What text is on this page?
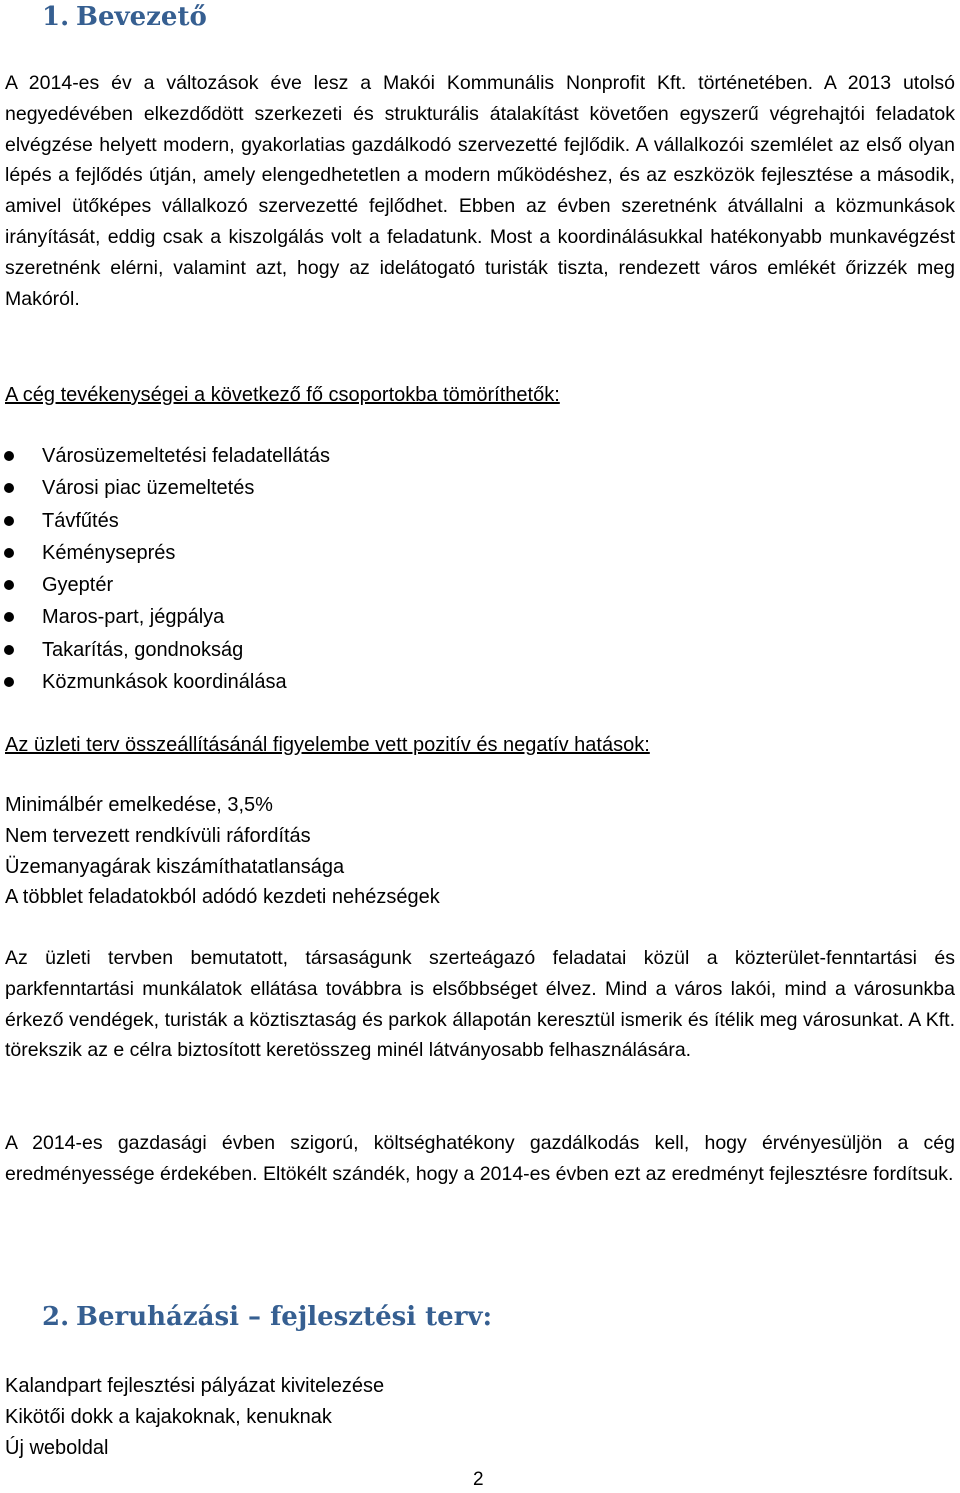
1. Bevezető

A 2014-es év a változások éve lesz a Makói Kommunális Nonprofit Kft. történetében. A 2013 utolsó negyedévében elkezdődött szerkezeti és strukturális átalakítást követően egyszerű végrehajtói feladatok elvégzése helyett modern, gyakorlatias gazdálkodó szervezetté fejlődik. A vállalkozói szemlélet az első olyan lépés a fejlődés útján, amely elengedhetetlen a modern működéshez, és az eszközök fejlesztése a második, amivel ütőképes vállalkozó szervezetté fejlődhet. Ebben az évben szeretnénk átvállalni a közmunkások irányítását, eddig csak a kiszolgálás volt a feladatunk. Most a koordinálásukkal hatékonyabb munkavégzést szeretnénk elérni, valamint azt, hogy az idelátogató turisták tiszta, rendezett város emlékét őrizzék meg Makóról.

A cég tevékenységei a következő fő csoportokba tömöríthetők:

Városüzemeltetési feladatellátás
Városi piac üzemeltetés
Távfűtés
Kéményseprés
Gyeptér
Maros-part, jégpálya
Takarítás, gondnokság
Közmunkások koordinálása

Az üzleti terv összeállításánál figyelembe vett pozitív és negatív hatások:

Minimálbér emelkedése, 3,5%
Nem tervezett rendkívüli ráfordítás
Üzemanyagárak kiszámíthatatlansága
A többlet feladatokból adódó kezdeti nehézségek

Az üzleti tervben bemutatott, társaságunk szerteágazó feladatai közül a közterület-fenntartási és parkfenntartási munkálatok ellátása továbbra is elsőbbséget élvez. Mind a város lakói, mind a városunkba érkező vendégek, turisták a köztisztaság és parkok állapotán keresztül ismerik és ítélik meg városunkat. A Kft. törekszik az e célra biztosított keretösszeg minél látványosabb felhasználására.

A 2014-es gazdasági évben szigorú, költséghatékony gazdálkodás kell, hogy érvényesüljön a cég eredményessége érdekében. Eltökélt szándék, hogy a 2014-es évben ezt az eredményt fejlesztésre fordítsuk.

2. Beruházási – fejlesztési terv:
Kalandpart fejlesztési pályázat kivitelezése
Kikötői dokk a kajakoknak, kenuknak
Új weboldal
2
